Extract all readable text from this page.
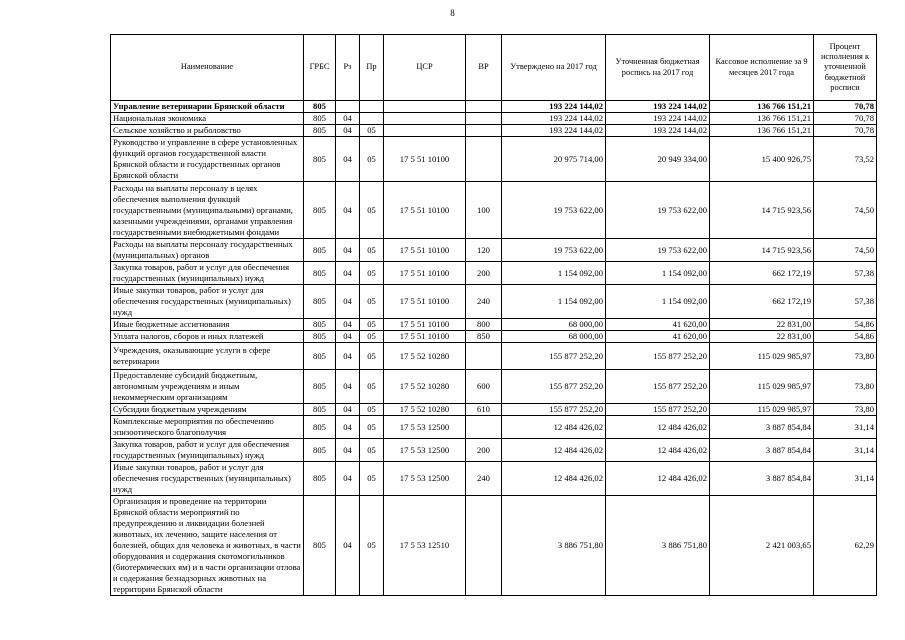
8
Наименование	ГРБС	Рз	Пр	ЦСР	ВР	Утверждено на 2017 год	Уточненная бюджетная роспись на 2017 год	Кассовое исполнение за 9 месяцев 2017 года	Процент исполнения к уточненной бюджетной росписи
Управление ветеринарии Брянской области	805					193 224 144,02	193 224 144,02	136 766 151,21	70,78
Национальная экономика	805	04				193 224 144,02	193 224 144,02	136 766 151,21	70,78
Сельское хозяйство и рыболовство	805	04	05			193 224 144,02	193 224 144,02	136 766 151,21	70,78
Руководство и управление в сфере установленных функций органов государственной власти Брянской области и государственных органов Брянской области	805	04	05	17 5 51 10100		20 975 714,00	20 949 334,00	15 400 926,75	73,52
Расходы на выплаты персоналу в целях обеспечения выполнения функций государственными (муниципальными) органами, казенными учреждениями, органами управления государственными внебюджетными фондами	805	04	05	17 5 51 10100	100	19 753 622,00	19 753 622,00	14 715 923,56	74,50
Расходы на выплаты персоналу государственных (муниципальных) органов	805	04	05	17 5 51 10100	120	19 753 622,00	19 753 622,00	14 715 923,56	74,50
Закупка товаров, работ и услуг для обеспечения государственных (муниципальных) нужд	805	04	05	17 5 51 10100	200	1 154 092,00	1 154 092,00	662 172,19	57,38
Иные закупки товаров, работ и услуг для обеспечения государственных (муниципальных) нужд	805	04	05	17 5 51 10100	240	1 154 092,00	1 154 092,00	662 172,19	57,38
Иные бюджетные ассигнования	805	04	05	17 5 51 10100	800	68 000,00	41 620,00	22 831,00	54,86
Уплата налогов, сборов и иных платежей	805	04	05	17 5 51 10100	850	68 000,00	41 620,00	22 831,00	54,86
Учреждения, оказывающие услуги в сфере ветеринарии	805	04	05	17 5 52 10280		155 877 252,20	155 877 252,20	115 029 985,97	73,80
Предоставление субсидий бюджетным, автономным учреждениям и иным некоммерческим организациям	805	04	05	17 5 52 10280	600	155 877 252,20	155 877 252,20	115 029 985,97	73,80
Субсидии бюджетным учреждениям	805	04	05	17 5 52 10280	610	155 877 252,20	155 877 252,20	115 029 985,97	73,80
Комплексные мероприятия по обеспечению эпизоотического благополучия	805	04	05	17 5 53 12500		12 484 426,02	12 484 426,02	3 887 854,84	31,14
Закупка товаров, работ и услуг для обеспечения государственных (муниципальных) нужд	805	04	05	17 5 53 12500	200	12 484 426,02	12 484 426,02	3 887 854,84	31,14
Иные закупки товаров, работ и услуг для обеспечения государственных (муниципальных) нужд	805	04	05	17 5 53 12500	240	12 484 426,02	12 484 426,02	3 887 854,84	31,14
Организация и проведение на территории Брянской области мероприятий по предупреждению и ликвидации болезней животных, их лечению, защите населения от болезней, общих для человека и животных, в части оборудования и содержания скотомогильников (биотермических ям) и в части организации отлова и содержания безнадзорных животных на территории Брянской области	805	04	05	17 5 53 12510		3 886 751,80	3 886 751,80	2 421 003,65	62,29
